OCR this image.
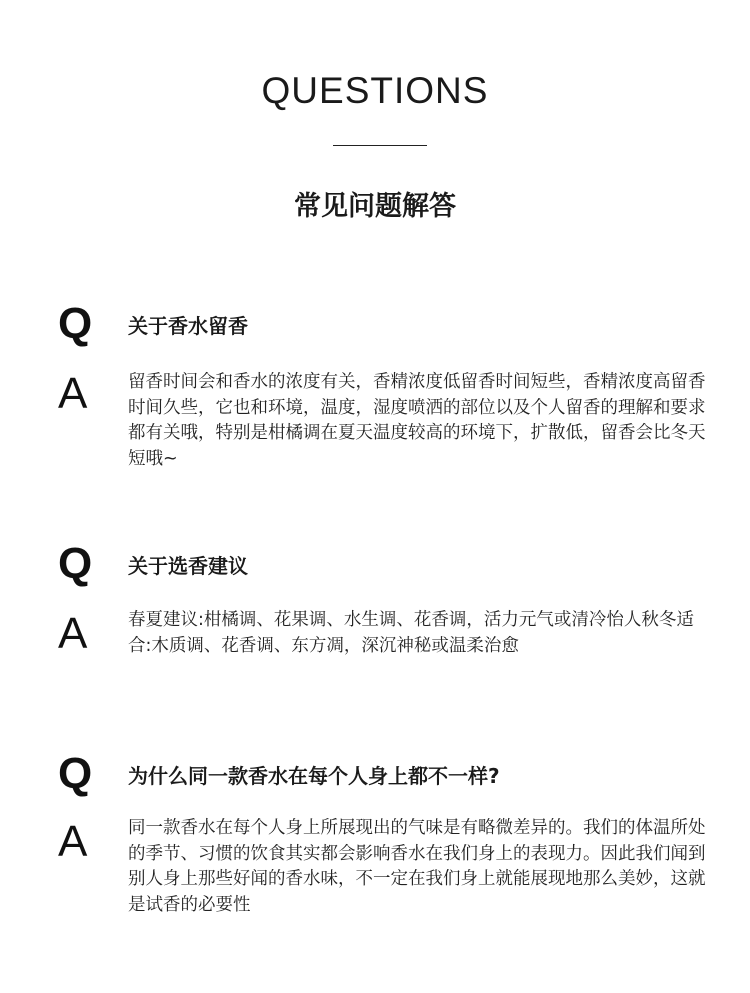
QUESTIONS
常见问题解答
Q 关于香水留香
A 留香时间会和香水的浓度有关，香精浓度低留香时间短些，香精浓度高留香时间久些，它也和环境，温度，湿度喷洒的部位以及个人留香的理解和要求都有关哦，特别是柑橘调在夏天温度较高的环境下，扩散低，留香会比冬天短哦~
Q 关于选香建议
A 春夏建议:柑橘调、花果调、水生调、花香调，活力元气或清冷怡人秋冬适合:木质调、花香调、东方凋，深沉神秘或温柔治愈
Q 为什么同一款香水在每个人身上都不一样?
A 同一款香水在每个人身上所展现出的气味是有略微差异的。我们的体温所处的季节、习惯的饮食其实都会影响香水在我们身上的表现力。因此我们闻到别人身上那些好闻的香水味，不一定在我们身上就能展现地那么美妙，这就是试香的必要性
